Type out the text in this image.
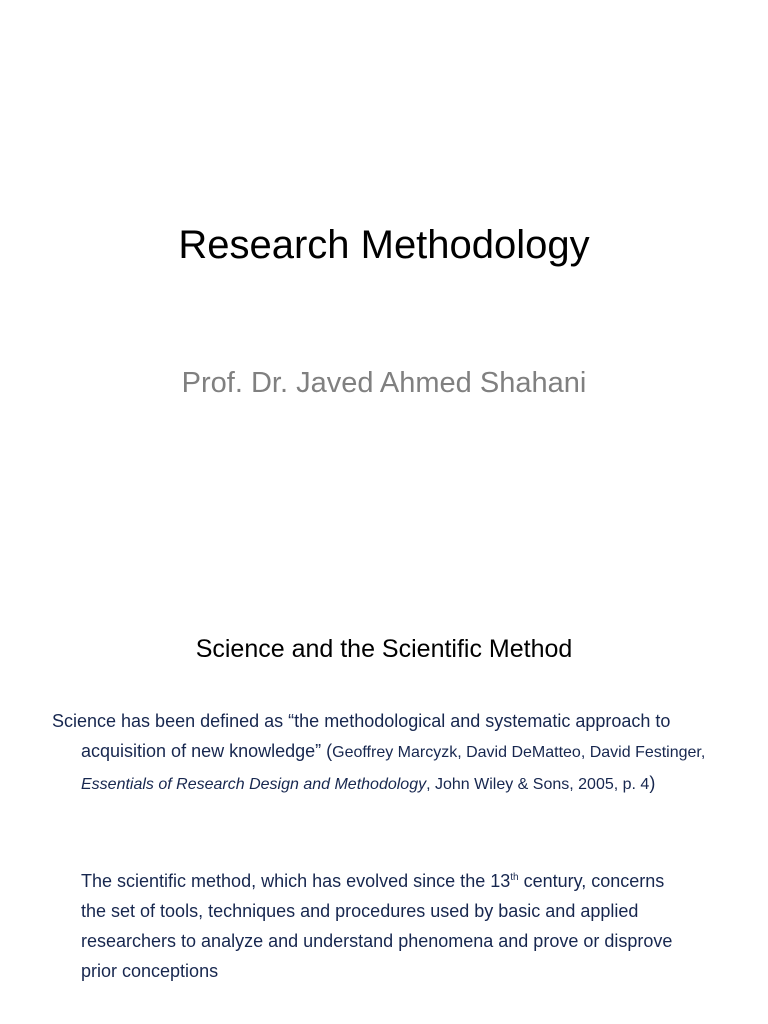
Research Methodology
Prof. Dr. Javed Ahmed Shahani
Science and the Scientific Method
Science has been defined as “the methodological and systematic approach to acquisition of new knowledge” (Geoffrey Marcyzk, David DeMatteo, David Festinger, Essentials of Research Design and Methodology, John Wiley & Sons, 2005, p. 4)
The scientific method, which has evolved since the 13th century, concerns the set of tools, techniques and procedures used by basic and applied researchers to analyze and understand phenomena and prove or disprove prior conceptions
